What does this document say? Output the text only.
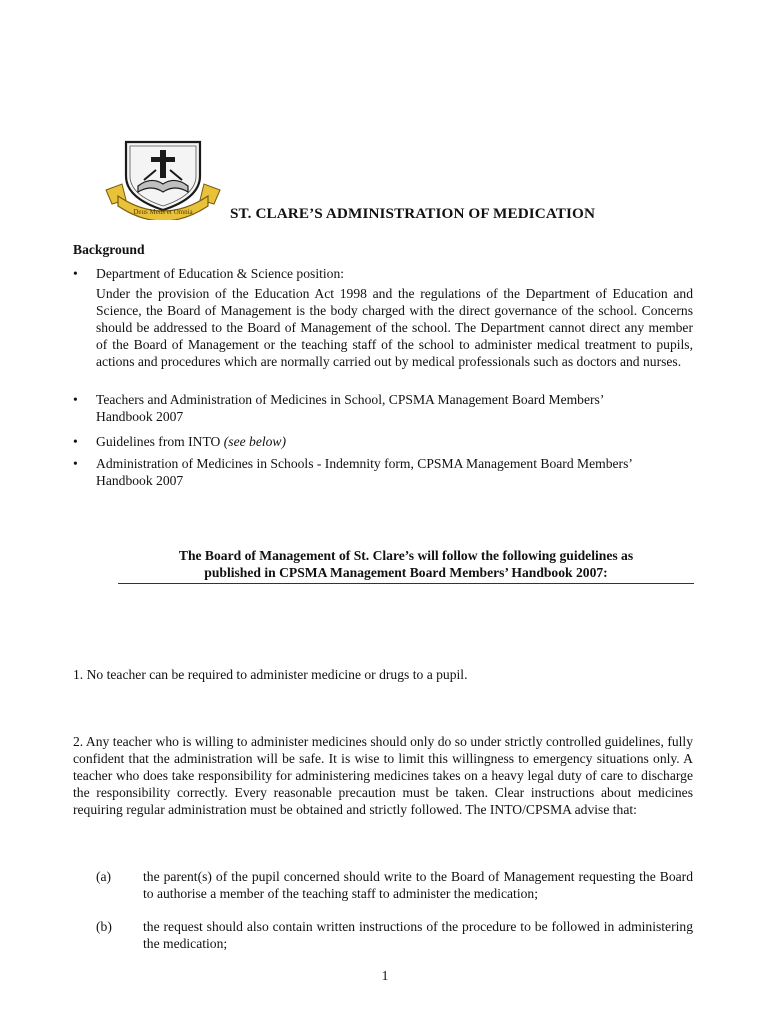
Deus Meus et Omnia ST. CLARE’S ADMINISTRATION OF MEDICATION
Background
•	Department of Education & Science position:
Under the provision of the Education Act 1998 and the regulations of the Department of Education and Science, the Board of Management is the body charged with the direct governance of the school. Concerns should be addressed to the Board of Management of the school. The Department cannot direct any member of the Board of Management or the teaching staff of the school to administer medical treatment to pupils, actions and procedures which are normally carried out by medical professionals such as doctors and nurses.
•	Teachers and Administration of Medicines in School, CPSMA Management Board Members’ Handbook 2007
•	Guidelines from INTO (see below)
•	Administration of Medicines in Schools - Indemnity form, CPSMA Management Board Members’ Handbook 2007
The Board of Management of St. Clare’s will follow the following guidelines as
published in CPSMA Management Board Members’ Handbook 2007:
1. No teacher can be required to administer medicine or drugs to a pupil.
2. Any teacher who is willing to administer medicines should only do so under strictly controlled guidelines, fully confident that the administration will be safe. It is wise to limit this willingness to emergency situations only. A teacher who does take responsibility for administering medicines takes on a heavy legal duty of care to discharge the responsibility correctly. Every reasonable precaution must be taken. Clear instructions about medicines requiring regular administration must be obtained and strictly followed. The INTO/CPSMA advise that:
(a) the parent(s) of the pupil concerned should write to the Board of Management requesting the Board to authorise a member of the teaching staff to administer the medication;
(b) the request should also contain written instructions of the procedure to be followed in administering the medication;
1
